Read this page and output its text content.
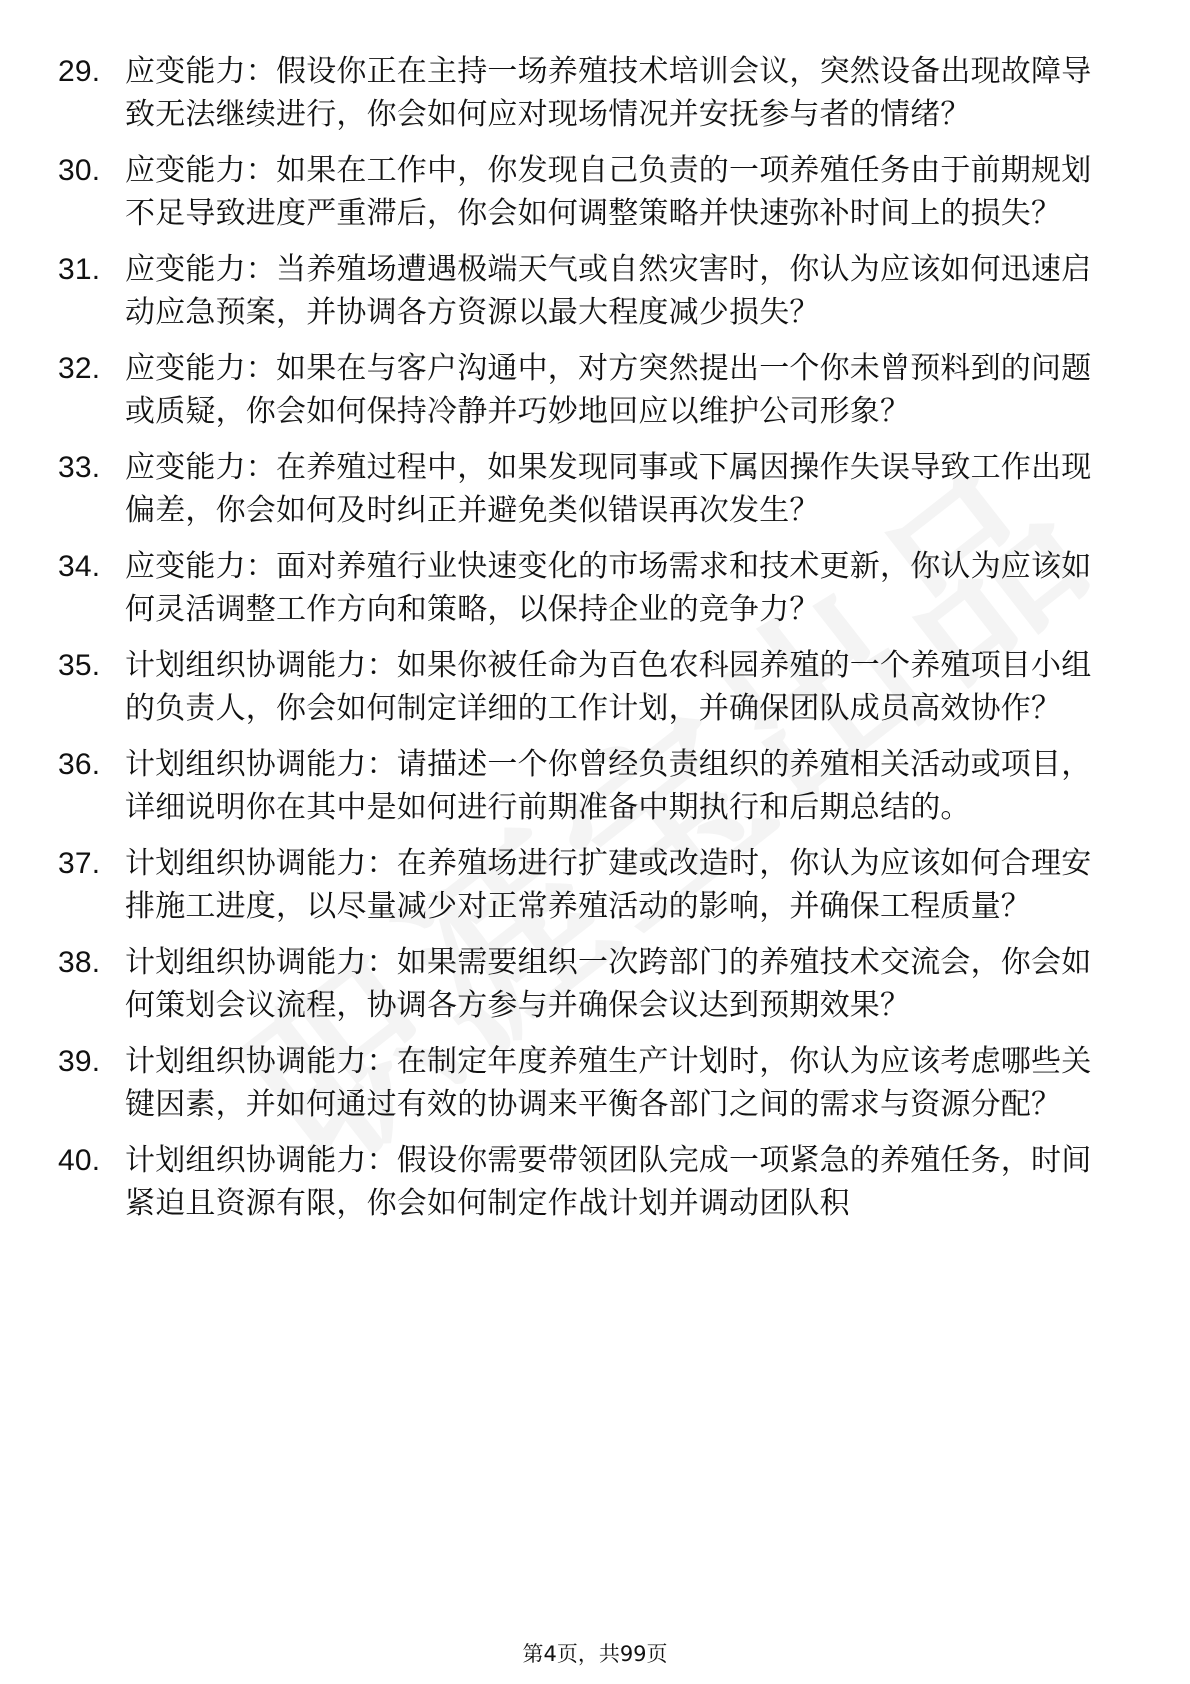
29. 应变能力：假设你正在主持一场养殖技术培训会议，突然设备出现故障导致无法继续进行，你会如何应对现场情况并安抚参与者的情绪？
30. 应变能力：如果在工作中，你发现自己负责的一项养殖任务由于前期规划不足导致进度严重滞后，你会如何调整策略并快速弥补时间上的损失？
31. 应变能力：当养殖场遭遇极端天气或自然灾害时，你认为应该如何迅速启动应急预案，并协调各方资源以最大程度减少损失？
32. 应变能力：如果在与客户沟通中，对方突然提出一个你未曾预料到的问题或质疑，你会如何保持冷静并巧妙地回应以维护公司形象？
33. 应变能力：在养殖过程中，如果发现同事或下属因操作失误导致工作出现偏差，你会如何及时纠正并避免类似错误再次发生？
34. 应变能力：面对养殖行业快速变化的市场需求和技术更新，你认为应该如何灵活调整工作方向和策略，以保持企业的竞争力？
35. 计划组织协调能力：如果你被任命为百色农科园养殖的一个养殖项目小组的负责人，你会如何制定详细的工作计划，并确保团队成员高效协作？
36. 计划组织协调能力：请描述一个你曾经负责组织的养殖相关活动或项目，详细说明你在其中是如何进行前期准备中期执行和后期总结的。
37. 计划组织协调能力：在养殖场进行扩建或改造时，你认为应该如何合理安排施工进度，以尽量减少对正常养殖活动的影响，并确保工程质量？
38. 计划组织协调能力：如果需要组织一次跨部门的养殖技术交流会，你会如何策划会议流程，协调各方参与并确保会议达到预期效果？
39. 计划组织协调能力：在制定年度养殖生产计划时，你认为应该考虑哪些关键因素，并如何通过有效的协调来平衡各部门之间的需求与资源分配？
40. 计划组织协调能力：假设你需要带领团队完成一项紧急的养殖任务，时间紧迫且资源有限，你会如何制定作战计划并调动团队积
第4页，共99页
